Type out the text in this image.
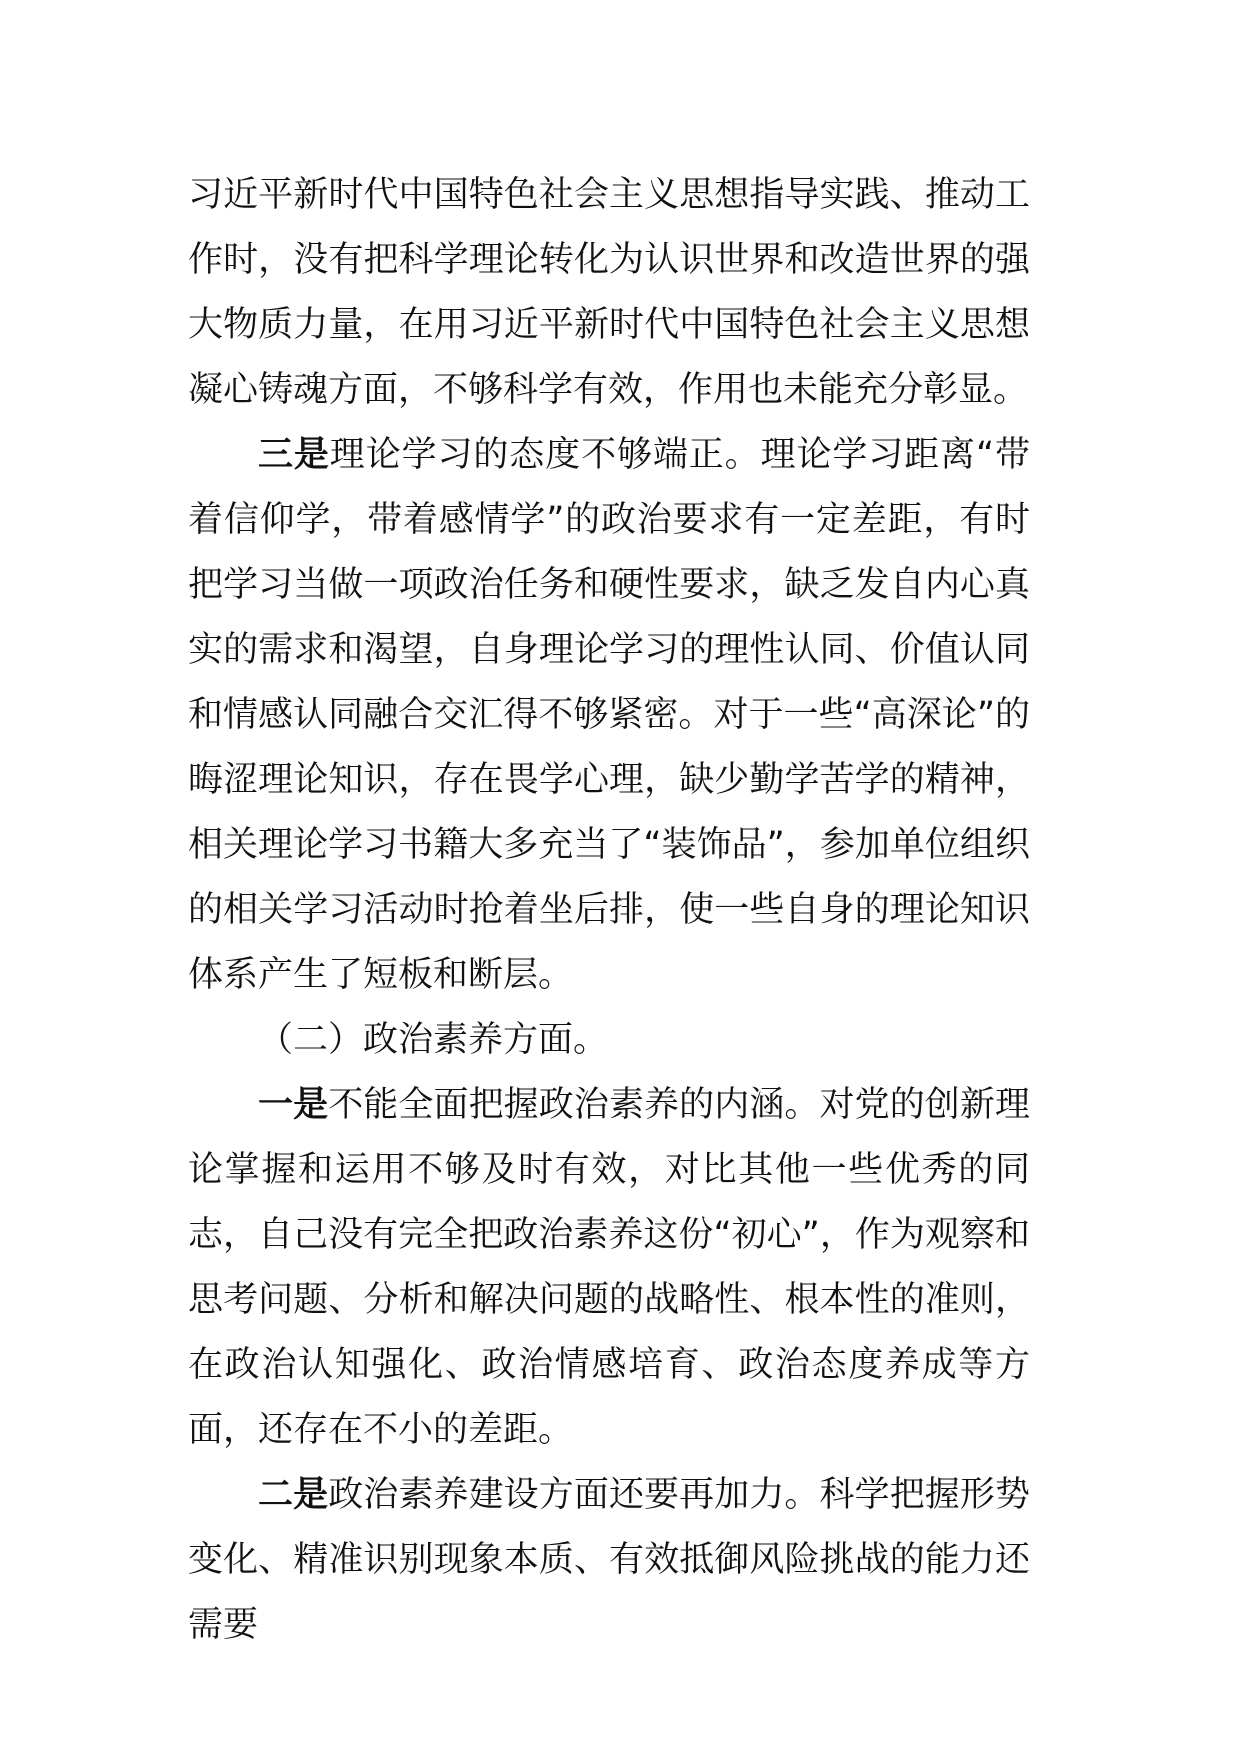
习近平新时代中国特色社会主义思想指导实践、推动工作时，没有把科学理论转化为认识世界和改造世界的强大物质力量，在用习近平新时代中国特色社会主义思想凝心铸魂方面，不够科学有效，作用也未能充分彰显。

三是理论学习的态度不够端正。理论学习距离“带着信仰学，带着感情学”的政治要求有一定差距，有时把学习当做一项政治任务和硬性要求，缺乏发自内心真实的需求和渴望，自身理论学习的理性认同、价值认同和情感认同融合交汇得不够紧密。对于一些“高深论”的晦涩理论知识，存在畏学心理，缺少勤学苦学的精神，相关理论学习书籍大多充当了“装饰品”，参加单位组织的相关学习活动时抢着坐后排，使一些自身的理论知识体系产生了短板和断层。

（二）政治素养方面。

一是不能全面把握政治素养的内涵。对党的创新理论掌握和运用不够及时有效，对比其他一些优秀的同志，自己没有完全把政治素养这份“初心”，作为观察和思考问题、分析和解决问题的战略性、根本性的准则，在政治认知强化、政治情感培育、政治态度养成等方面，还存在不小的差距。

二是政治素养建设方面还要再加力。科学把握形势变化、精准识别现象本质、有效抵御风险挑战的能力还需要
